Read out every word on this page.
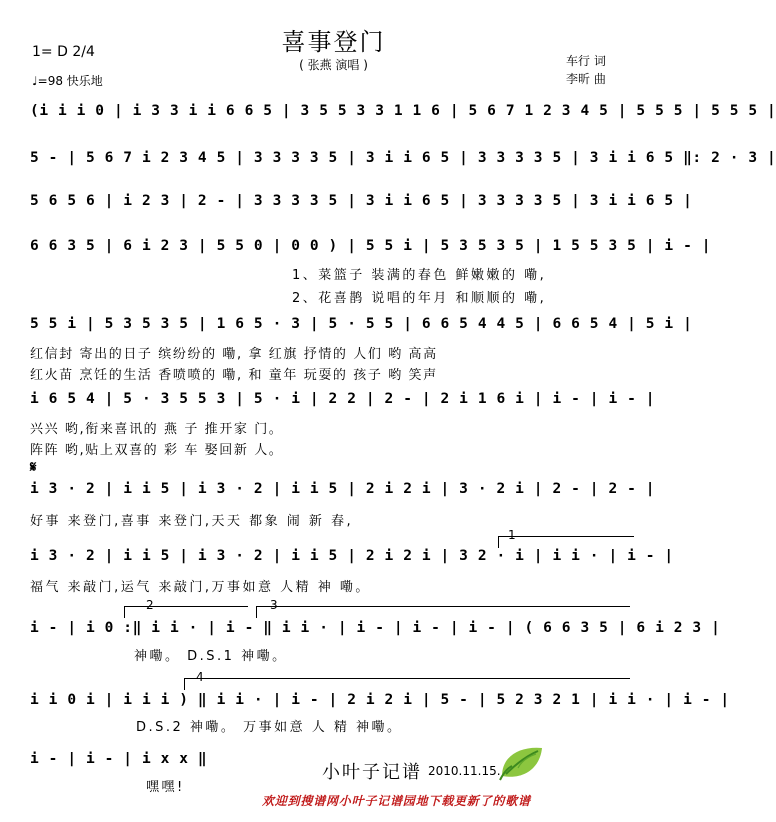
喜事登门
( 张燕 演唱 )
1= D 2/4
♩=98 快乐地
车行 词
李昕 曲
(i i i 0 | i 3 3 i i 6 6 5 | 3 5 5 3 3 1 1 6 | 5 6 7 1 2 3 4 5 | 5 5 5 | 5 5 5 |
5 - | 5 6 7 i 2 3 4 5 | 3 3 3 3 5 | 3 i i 6 5 | 3 3 3 3 5 | 3 i i 6 5 ‖: 2 · 3 |
5 6 5 6 | i 2 3 | 2 - | 3 3 3 3 5 | 3 i i 6 5 | 3 3 3 3 5 | 3 i i 6 5 |
6 6 3 5 | 6 i 2 3 | 5 5 0 | 0 0 ) | 5 5 i | 5 3 5 3 5 | 1 5 5 3 5 | i - |
1、菜篮子 装满的春色 鲜嫩嫩的 嘞,
2、花喜鹊 说唱的年月 和顺顺的 嘞,
5 5 i | 5 3 5 3 5 | 1 6 5 · 3 | 5 · 5 5 | 6 6 5 4 4 5 | 6 6 5 4 | 5 i |
红信封 寄出的日子 缤纷纷的 嘞, 拿 红旗 抒情的 人们 哟 高高
红火苗 烹饪的生活 香喷喷的 嘞, 和 童年 玩耍的 孩子 哟 笑声
i 6 5 4 | 5 · 3 5 5 3 | 5 · i | 2 2 | 2 - | 2 i 1 6 i | i - | i - |
兴兴 哟,衔来喜讯的 燕 子 推开家 门。
阵阵 哟,贴上双喜的 彩 车 娶回新 人。
𝄋
i 3 · 2 | i i 5 | i 3 · 2 | i i 5 | 2 i 2 i | 3 · 2 i | 2 - | 2 - |
好事 来登门,喜事 来登门,天天 都象 闹 新 春,
1
i 3 · 2 | i i 5 | i 3 · 2 | i i 5 | 2 i 2 i | 3 2 · i | i i · | i - |
福气 来敲门,运气 来敲门,万事如意 人精 神 嘞。
2	3
i - | i 0 :‖ i i · | i - ‖ i i · | i - | i - | i - | ( 6 6 3 5 | 6 i 2 3 |
神嘞。 D.S.1 神嘞。
4
i i 0 i | i i i ) ‖ i i · | i - | 2 i 2 i | 5 - | 5 2 3 2 1 | i i · | i - |
D.S.2 神嘞。 万事如意 人 精 神嘞。
i - | i - | i x x ‖
嘿嘿!
小叶子记谱 2010.11.15.
欢迎到搜谱网小叶子记谱园地下载更新了的歌谱
